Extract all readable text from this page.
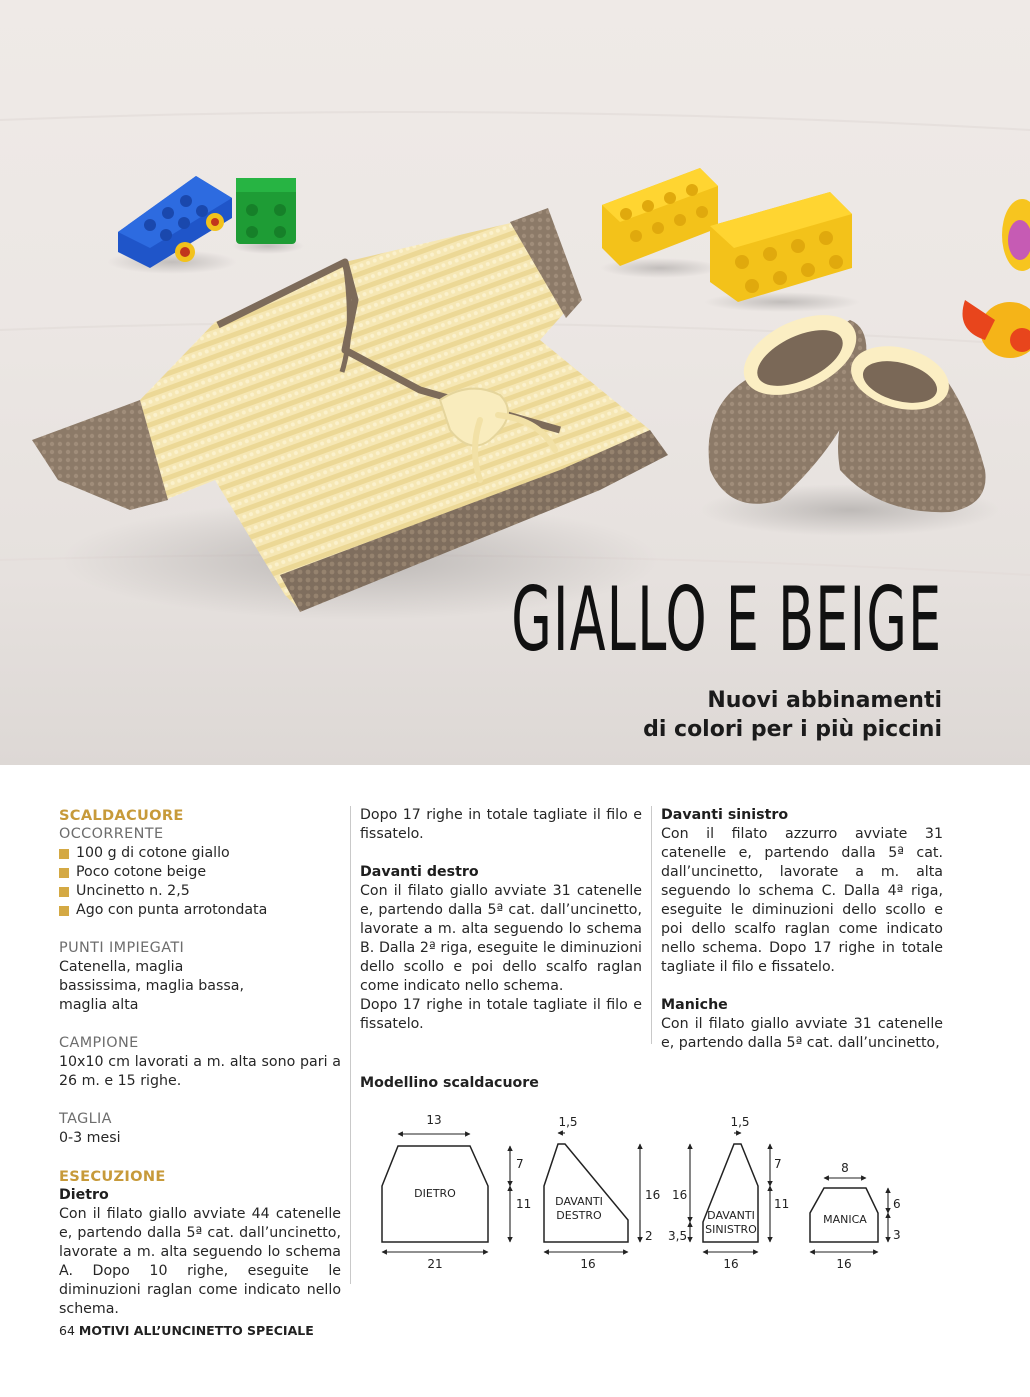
GIALLO E BEIGE
Nuovi abbinamenti
di colori per i più piccini
SCALDACUORE
OCCORRENTE
100 g di cotone giallo
Poco cotone beige
Uncinetto n. 2,5
Ago con punta arrotondata
PUNTI IMPIEGATI

Catenella, maglia bassissima, maglia bassa, maglia alta

CAMPIONE

10x10 cm lavorati a m. alta sono pari a 26 m. e 15 righe.

TAGLIA

0-3 mesi

ESECUZIONE
Dietro

Con il filato giallo avviate 44 catenelle e, partendo dalla 5ª cat. dall’uncinetto, lavorate a m. alta seguendo lo schema A. Dopo 10 righe, eseguite le diminuzioni raglan come indicato nello schema.

Dopo 17 righe in totale tagliate il filo e fissatelo.

Davanti destro

Con il filato giallo avviate 31 catenelle e, partendo dalla 5ª cat. dall’uncinetto, lavorate a m. alta seguendo lo schema B. Dalla 2ª riga, eseguite le diminuzioni dello scollo e poi dello scalfo raglan come indicato nello schema.

Dopo 17 righe in totale tagliate il filo e fissatelo.

Davanti sinistro

Con il filato azzurro avviate 31 catenelle e, partendo dalla 5ª cat. dall’uncinetto, lavorate a m. alta seguendo lo schema C. Dalla 4ª riga, eseguite le diminuzioni dello scollo e poi dello scalfo raglan come indicato nello schema. Dopo 17 righe in totale tagliate il filo e fissatelo.

Maniche

Con il filato giallo avviate 31 catenelle e, partendo dalla 5ª cat. dall’uncinetto,

Modellino scaldacuore
13
21
7
11
DIETRO
1,5
16
16
2
DAVANTI
DESTRO
1,5
16
16
3,5
7
11
DAVANTI
SINISTRO
8
16
6
3
MANICA
64 MOTIVI ALL’UNCINETTO SPECIALE
